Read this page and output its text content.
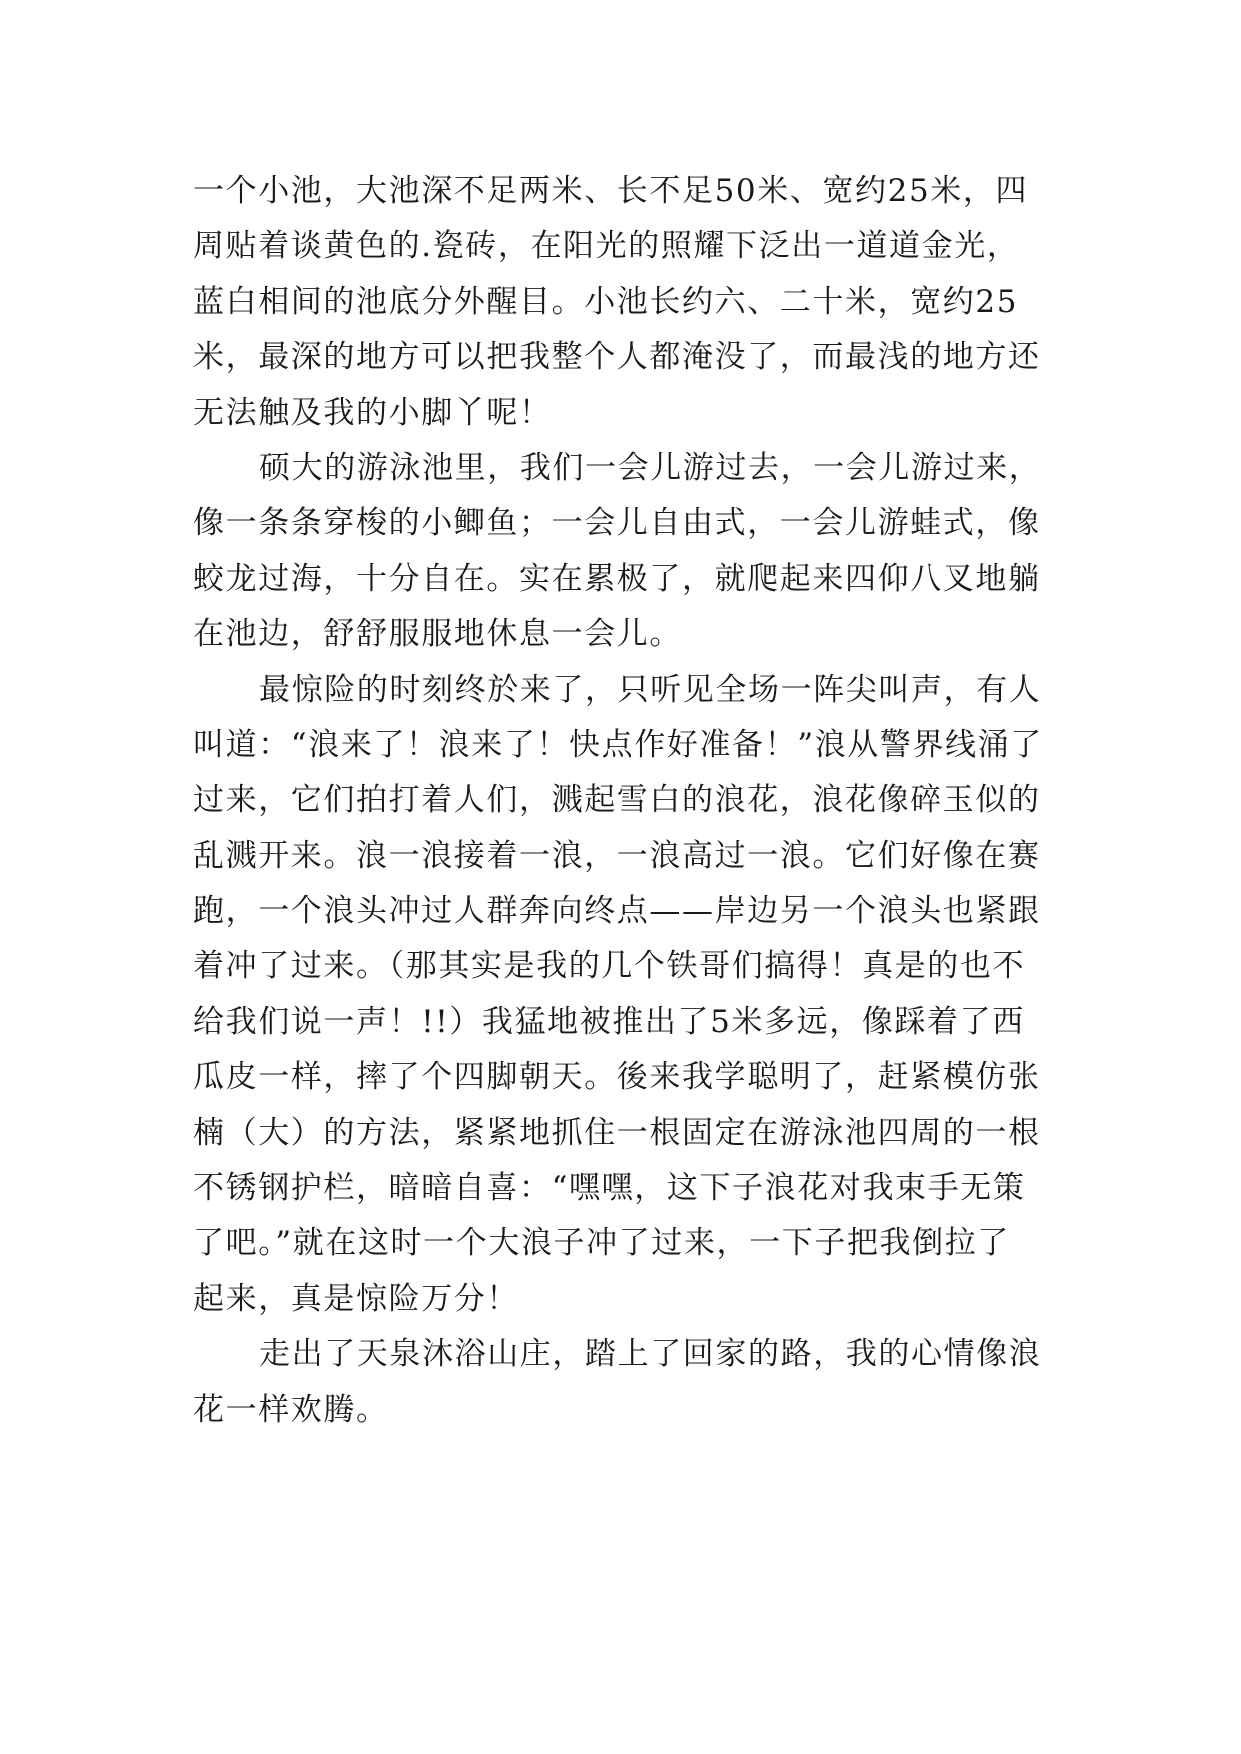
一个小池，大池深不足两米、长不足50米、宽约25米，四
周贴着谈黄色的.瓷砖，在阳光的照耀下泛出一道道金光，
蓝白相间的池底分外醒目。小池长约六、二十米，宽约25
米，最深的地方可以把我整个人都淹没了，而最浅的地方还
无法触及我的小脚丫呢！
硕大的游泳池里，我们一会儿游过去，一会儿游过来，
像一条条穿梭的小鲫鱼；一会儿自由式，一会儿游蛙式，像
蛟龙过海，十分自在。实在累极了，就爬起来四仰八叉地躺
在池边，舒舒服服地休息一会儿。
最惊险的时刻终於来了，只听见全场一阵尖叫声，有人
叫道：“浪来了！浪来了！快点作好准备！”浪从警界线涌了
过来，它们拍打着人们，溅起雪白的浪花，浪花像碎玉似的
乱溅开来。浪一浪接着一浪，一浪高过一浪。它们好像在赛
跑，一个浪头冲过人群奔向终点——岸边另一个浪头也紧跟
着冲了过来。（那其实是我的几个铁哥们搞得！真是的也不
给我们说一声！!!）我猛地被推出了5米多远，像踩着了西
瓜皮一样，摔了个四脚朝天。後来我学聪明了，赶紧模仿张
楠（大）的方法，紧紧地抓住一根固定在游泳池四周的一根
不锈钢护栏，暗暗自喜：“嘿嘿，这下子浪花对我束手无策
了吧。”就在这时一个大浪子冲了过来，一下子把我倒拉了
起来，真是惊险万分！
走出了天泉沐浴山庄，踏上了回家的路，我的心情像浪
花一样欢腾。
